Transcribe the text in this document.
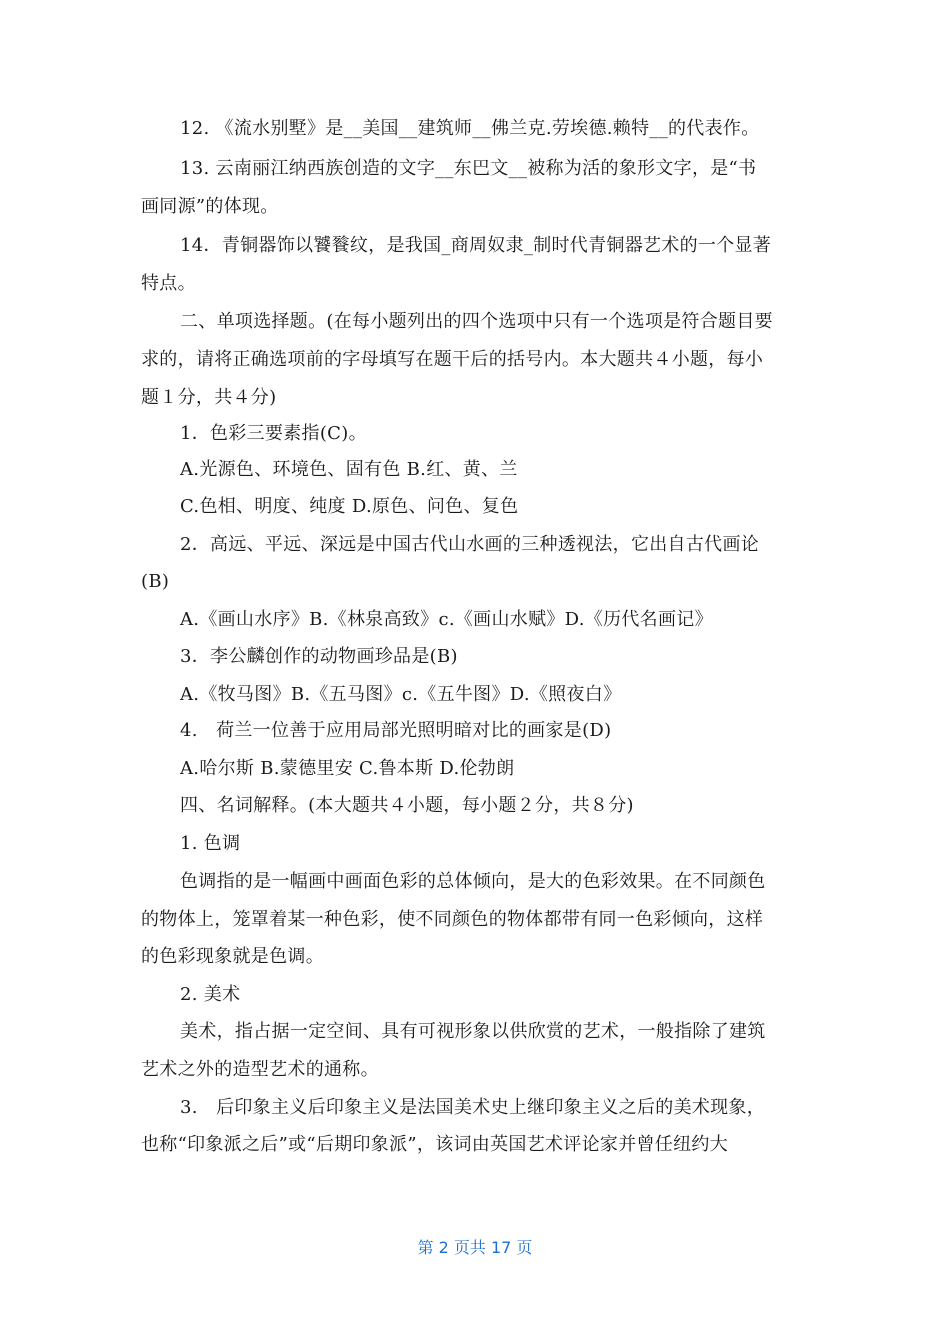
12. 《流水别墅》是__美国__建筑师__佛兰克.劳埃德.赖特__的代表作。
13. 云南丽江纳西族创造的文字__东巴文__被称为活的象形文字，是“书
画同源”的体现。
14．青铜器饰以饕餮纹，是我国_商周奴隶_制时代青铜器艺术的一个显著
特点。
二、单项选择题。(在每小题列出的四个选项中只有一个选项是符合题目要
求的，请将正确选项前的字母填写在题干后的括号内。本大题共４小题，每小
题１分，共４分)
1．色彩三要素指(C)。
A.光源色、环境色、固有色 B.红、黄、兰
C.色相、明度、纯度 D.原色、问色、复色
2．高远、平远、深远是中国古代山水画的三种透视法，它出自古代画论
(B)
A.《画山水序》B.《林泉高致》c.《画山水赋》D.《历代名画记》
3．李公麟创作的动物画珍品是(B)
A.《牧马图》B.《五马图》c.《五牛图》D.《照夜白》
4.　荷兰一位善于应用局部光照明暗对比的画家是(D)
A.哈尔斯 B.蒙德里安 C.鲁本斯 D.伦勃朗
四、名词解释。(本大题共４小题，每小题２分，共８分)
1. 色调
色调指的是一幅画中画面色彩的总体倾向，是大的色彩效果。在不同颜色
的物体上，笼罩着某一种色彩，使不同颜色的物体都带有同一色彩倾向，这样
的色彩现象就是色调。
2. 美术
美术，指占据一定空间、具有可视形象以供欣赏的艺术，一般指除了建筑
艺术之外的造型艺术的通称。
3.　后印象主义后印象主义是法国美术史上继印象主义之后的美术现象，
也称“印象派之后”或“后期印象派”，该词由英国艺术评论家并曾任纽约大
第 2 页共 17 页
